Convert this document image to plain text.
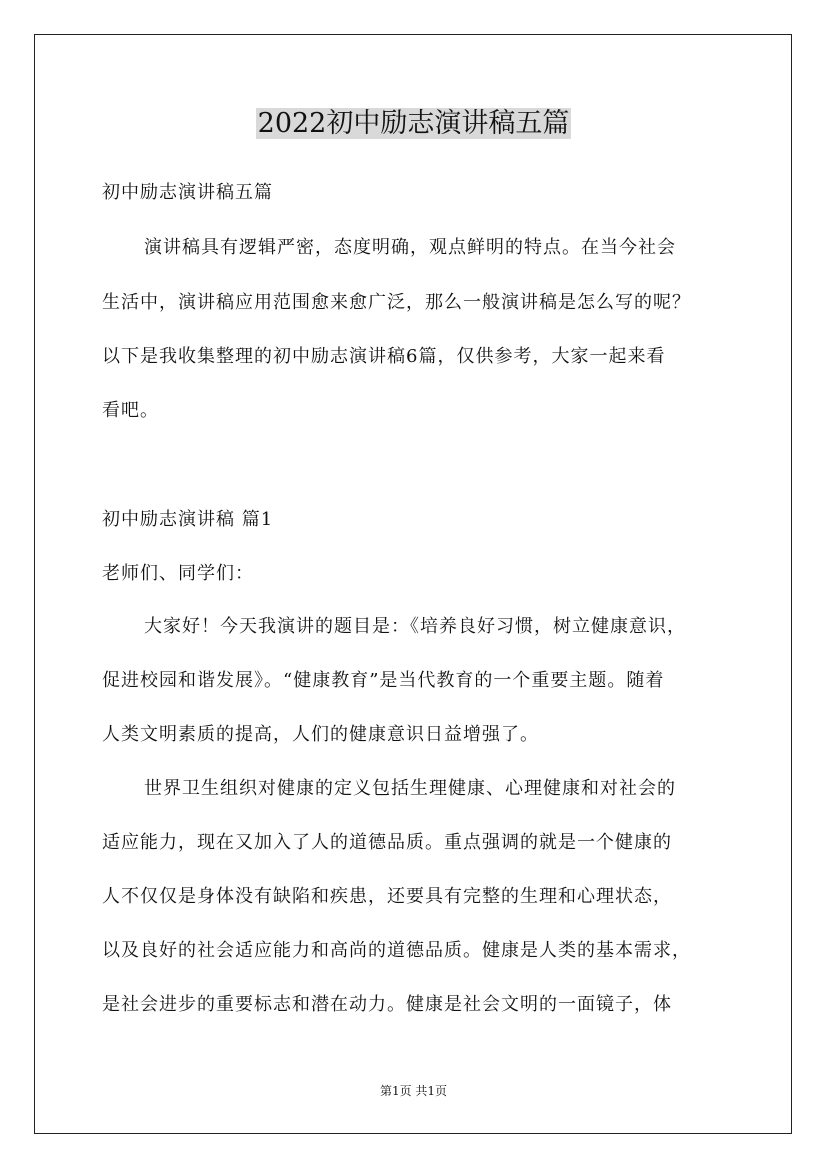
2022初中励志演讲稿五篇
初中励志演讲稿五篇
演讲稿具有逻辑严密，态度明确，观点鲜明的特点。在当今社会
生活中，演讲稿应用范围愈来愈广泛，那么一般演讲稿是怎么写的呢？
以下是我收集整理的初中励志演讲稿6篇，仅供参考，大家一起来看
看吧。
初中励志演讲稿 篇1
老师们、同学们：
大家好！今天我演讲的题目是：《培养良好习惯，树立健康意识，
促进校园和谐发展》。“健康教育”是当代教育的一个重要主题。随着
人类文明素质的提高，人们的健康意识日益增强了。
世界卫生组织对健康的定义包括生理健康、心理健康和对社会的
适应能力，现在又加入了人的道德品质。重点强调的就是一个健康的
人不仅仅是身体没有缺陷和疾患，还要具有完整的生理和心理状态，
以及良好的社会适应能力和高尚的道德品质。健康是人类的基本需求，
是社会进步的重要标志和潜在动力。健康是社会文明的一面镜子，体
第1页 共1页
